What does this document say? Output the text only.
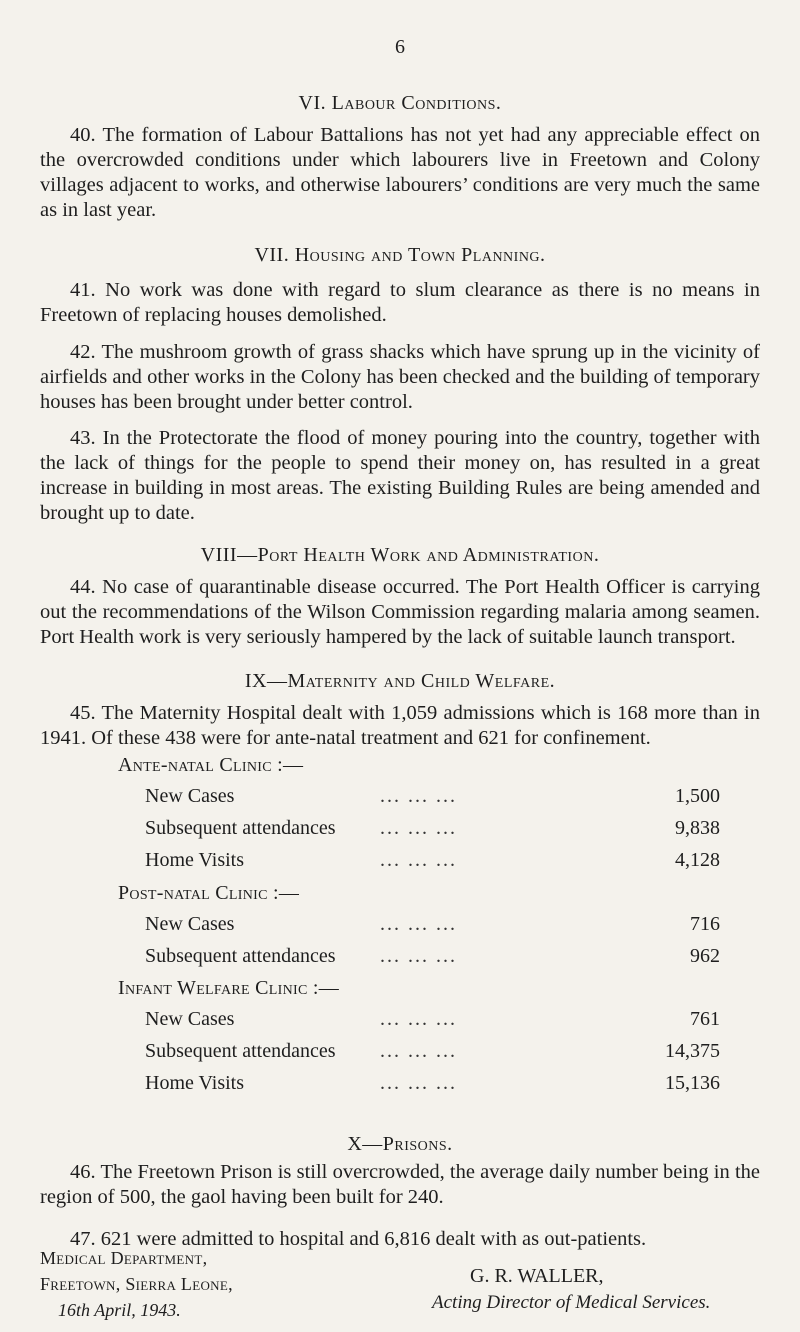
6
VI. Labour Conditions.

40. The formation of Labour Battalions has not yet had any appreciable effect on the overcrowded conditions under which labourers live in Freetown and Colony villages adjacent to works, and otherwise labourers’ conditions are very much the same as in last year.

VII. Housing and Town Planning.

41. No work was done with regard to slum clearance as there is no means in Freetown of replacing houses demolished.

42. The mushroom growth of grass shacks which have sprung up in the vicinity of airfields and other works in the Colony has been checked and the building of temporary houses has been brought under better control.

43. In the Protectorate the flood of money pouring into the country, together with the lack of things for the people to spend their money on, has resulted in a great increase in building in most areas. The existing Building Rules are being amended and brought up to date.

VIII—Port Health Work and Administration.

44. No case of quarantinable disease occurred. The Port Health Officer is carrying out the recommendations of the Wilson Commission regarding malaria among seamen. Port Health work is very seriously hampered by the lack of suitable launch transport.

IX—Maternity and Child Welfare.

45. The Maternity Hospital dealt with 1,059 admissions which is 168 more than in 1941. Of these 438 were for ante-natal treatment and 621 for confinement.

Ante-natal Clinic :—
New Cases	... ... ...	1,500
Subsequent attendances ... ... ...	9,838
Home Visits	... ... ...	4,128
Post-natal Clinic :—
New Cases	... ... ...	716
Subsequent attendances ... ... ...	962
Infant Welfare Clinic :—
New Cases	... ... ...	761
Subsequent attendances ... ... ...	14,375
Home Visits	... ... ...	15,136
X—Prisons.

46. The Freetown Prison is still overcrowded, the average daily number being in the region of 500, the gaol having been built for 240.

47. 621 were admitted to hospital and 6,816 dealt with as out-patients.

G. R. WALLER,
Acting Director of Medical Services.
Medical Department,
Freetown, Sierra Leone,
16th April, 1943.
